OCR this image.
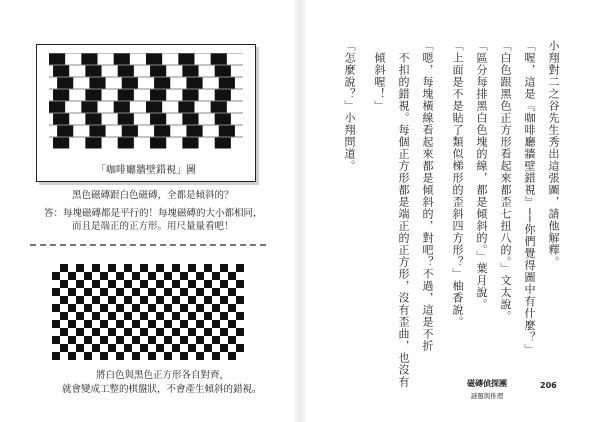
「咖啡廳牆壁錯視」圖
黑色磁磚跟白色磁磚，全都是傾斜的？
答：每塊磁磚都是平行的！每塊磁磚的大小都相同，
而且是端正的正方形。用尺量量看吧！
將白色與黑色正方形各自對齊，
就會變成工整的棋盤狀，不會產生傾斜的錯視。
小翔對二之谷先生秀出這張圖，請他解釋。
「喔，這是『咖啡廳牆壁錯視』──你們覺得圖中有什麼？」
「白色跟黑色正方形看起來都歪七扭八的。」文太說。
「區分每排黑白色塊的線，都是傾斜的。」葉月說。
「上面是不是貼了類似梯形的歪斜四方形？」柚香說。
「嗯，每塊橫線看起來都是傾斜的，對吧？不過，這是不折
不扣的錯視。每個正方形都是端正的正方形，沒有歪曲，也沒有
傾斜喔！」
「怎麼說？」小翔問道。
磁磚偵探團
謎題與推理
206
